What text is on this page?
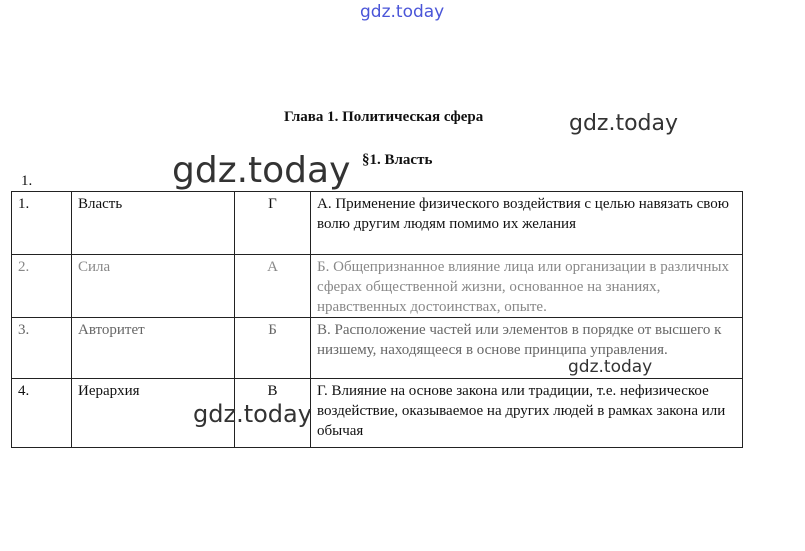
gdz.today
gdz.today
gdz.today
gdz.today
Глава 1. Политическая сфера
§1. Власть
1.
1.	Власть	Г	А. Применение физического воздействия с целью навязать свою волю другим людям помимо их желания
2.	Сила	А	Б. Общепризнанное влияние лица или организации в различных сферах общественной жизни, основанное на знаниях, нравственных достоинствах, опыте.
3.	Авторитет	Б	В. Расположение частей или элементов в порядке от высшего к низшему, находящееся в основе принципа управления.
4.	Иерархия	В	Г. Влияние на основе закона или традиции, т.е. нефизическое воздействие, оказываемое на других людей в рамках закона или обычая
gdz.today
